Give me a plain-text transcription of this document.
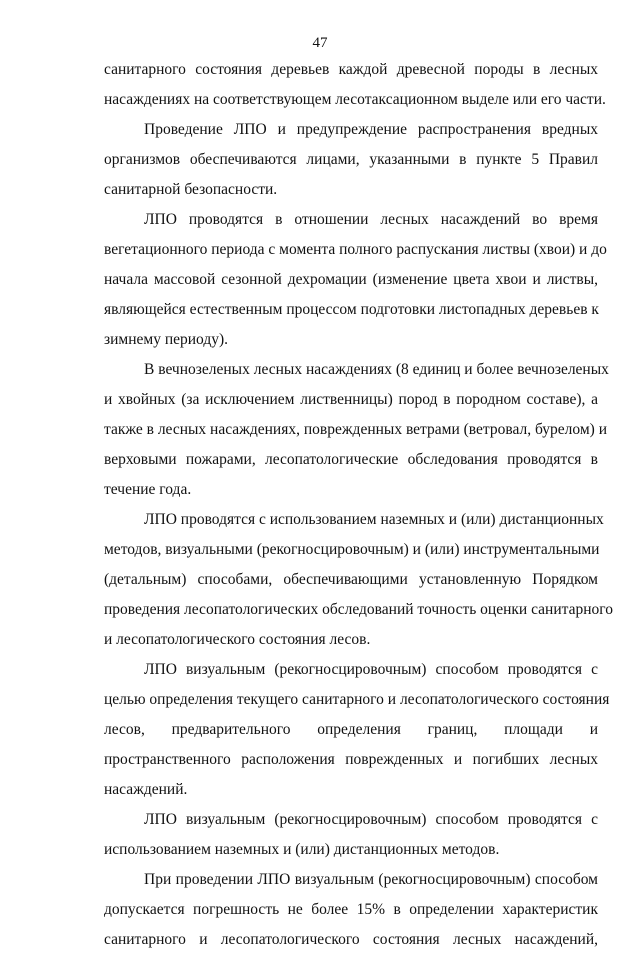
47
санитарного состояния деревьев каждой древесной породы в лесных
насаждениях на соответствующем лесотаксационном выделе или его части.
Проведение ЛПО и предупреждение распространения вредных
организмов обеспечиваются лицами, указанными в пункте 5 Правил
санитарной безопасности.
ЛПО проводятся в отношении лесных насаждений во время
вегетационного периода с момента полного распускания листвы (хвои) и до
начала массовой сезонной дехромации (изменение цвета хвои и листвы,
являющейся естественным процессом подготовки листопадных деревьев к
зимнему периоду).
В вечнозеленых лесных насаждениях (8 единиц и более вечнозеленых
и хвойных (за исключением лиственницы) пород в породном составе), а
также в лесных насаждениях, поврежденных ветрами (ветровал, бурелом) и
верховыми пожарами, лесопатологические обследования проводятся в
течение года.
ЛПО проводятся с использованием наземных и (или) дистанционных
методов, визуальными (рекогносцировочным) и (или) инструментальными
(детальным) способами, обеспечивающими установленную Порядком
проведения лесопатологических обследований точность оценки санитарного
и лесопатологического состояния лесов.
ЛПО визуальным (рекогносцировочным) способом проводятся с
целью определения текущего санитарного и лесопатологического состояния
лесов, предварительного определения границ, площади и
пространственного расположения поврежденных и погибших лесных
насаждений.
ЛПО визуальным (рекогносцировочным) способом проводятся с
использованием наземных и (или) дистанционных методов.
При проведении ЛПО визуальным (рекогносцировочным) способом
допускается погрешность не более 15% в определении характеристик
санитарного и лесопатологического состояния лесных насаждений,
